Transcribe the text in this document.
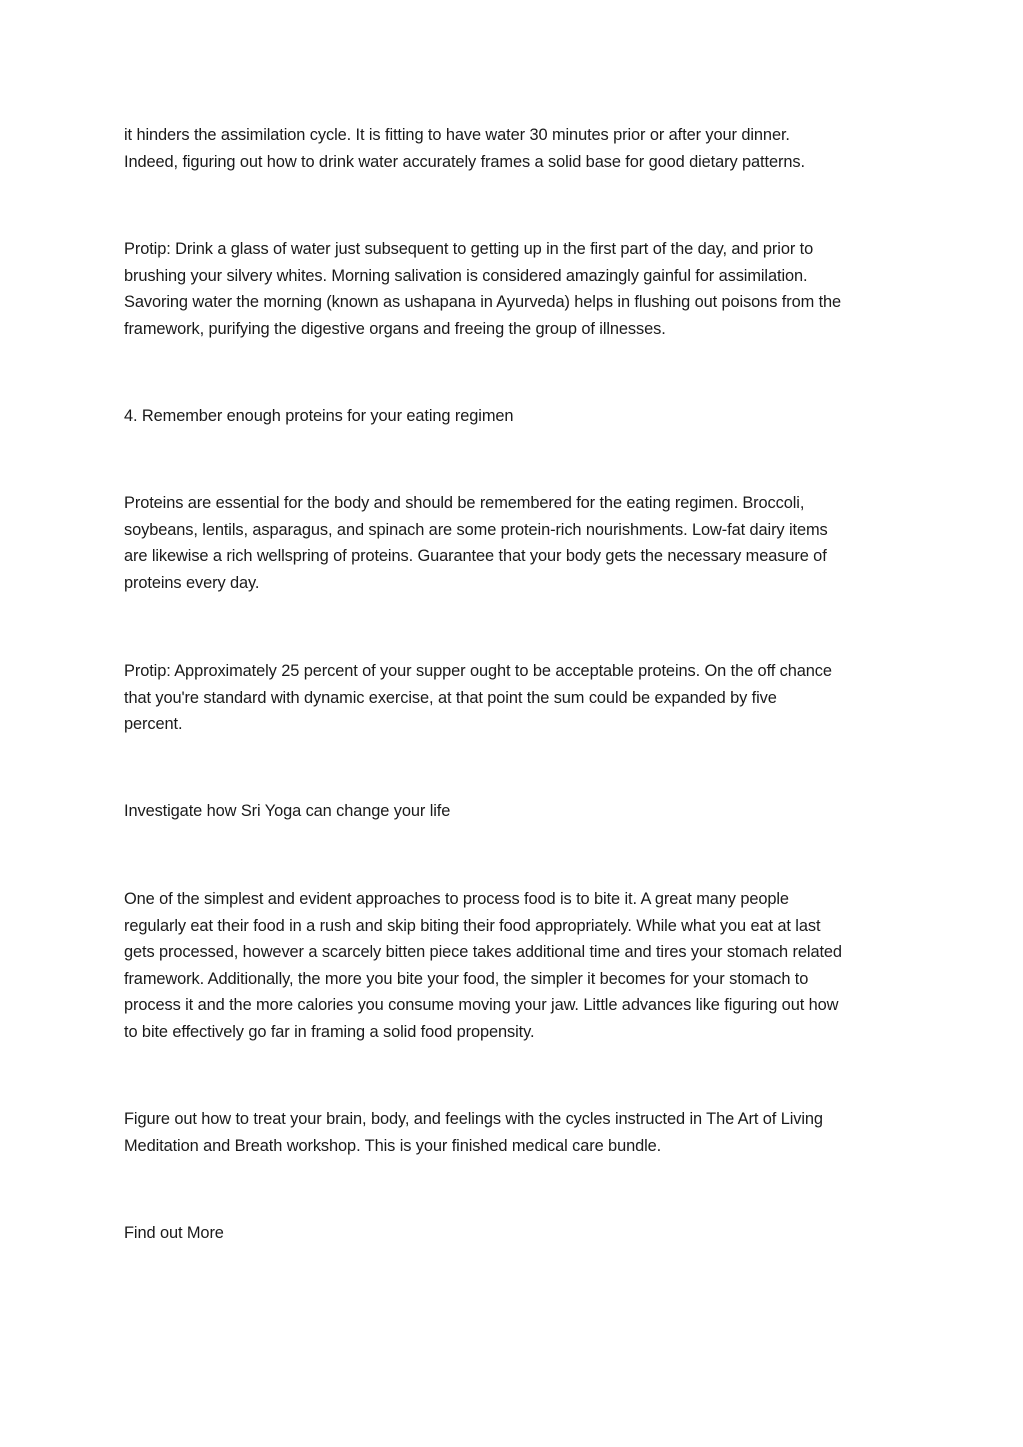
it hinders the assimilation cycle. It is fitting to have water 30 minutes prior or after your dinner.

Indeed, figuring out how to drink water accurately frames a solid base for good dietary patterns.

Protip: Drink a glass of water just subsequent to getting up in the first part of the day, and prior to

brushing your silvery whites. Morning salivation is considered amazingly gainful for assimilation.

Savoring water the morning (known as ushapana in Ayurveda) helps in flushing out poisons from the

framework, purifying the digestive organs and freeing the group of illnesses.

4. Remember enough proteins for your eating regimen

Proteins are essential for the body and should be remembered for the eating regimen. Broccoli,

soybeans, lentils, asparagus, and spinach are some protein-rich nourishments. Low-fat dairy items

are likewise a rich wellspring of proteins. Guarantee that your body gets the necessary measure of

proteins every day.

Protip: Approximately 25 percent of your supper ought to be acceptable proteins. On the off chance

that you're standard with dynamic exercise, at that point the sum could be expanded by five

percent.

Investigate how Sri Yoga can change your life

One of the simplest and evident approaches to process food is to bite it. A great many people

regularly eat their food in a rush and skip biting their food appropriately. While what you eat at last

gets processed, however a scarcely bitten piece takes additional time and tires your stomach related

framework. Additionally, the more you bite your food, the simpler it becomes for your stomach to

process it and the more calories you consume moving your jaw. Little advances like figuring out how

to bite effectively go far in framing a solid food propensity.

Figure out how to treat your brain, body, and feelings with the cycles instructed in The Art of Living

Meditation and Breath workshop. This is your finished medical care bundle.

Find out More
